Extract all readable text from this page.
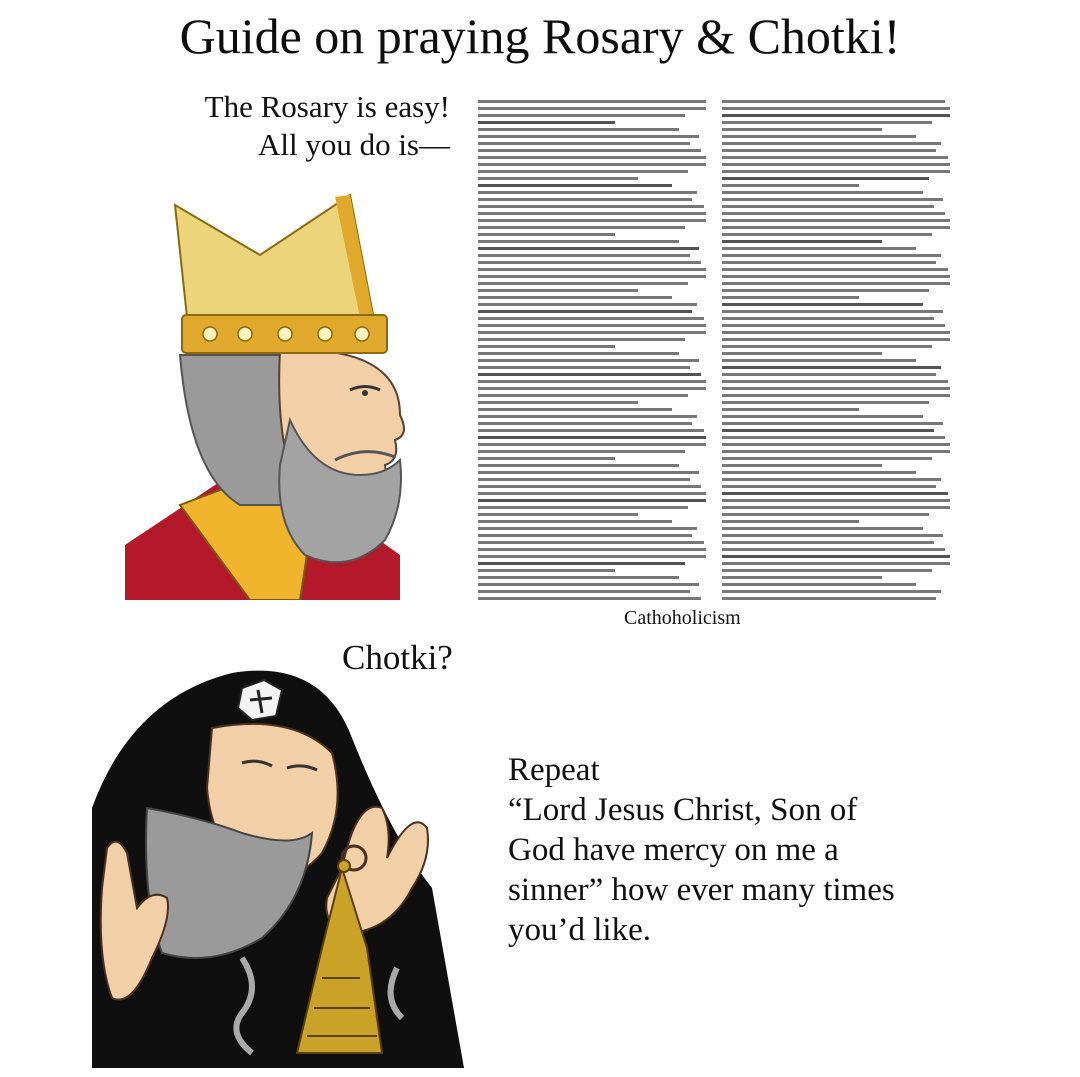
Guide on praying Rosary & Chotki!
The Rosary is easy!
All you do is—
Cathoholicism
Chotki?
Repeat
“Lord Jesus Christ, Son of
God have mercy on me a
sinner” how ever many times
you’d like.
